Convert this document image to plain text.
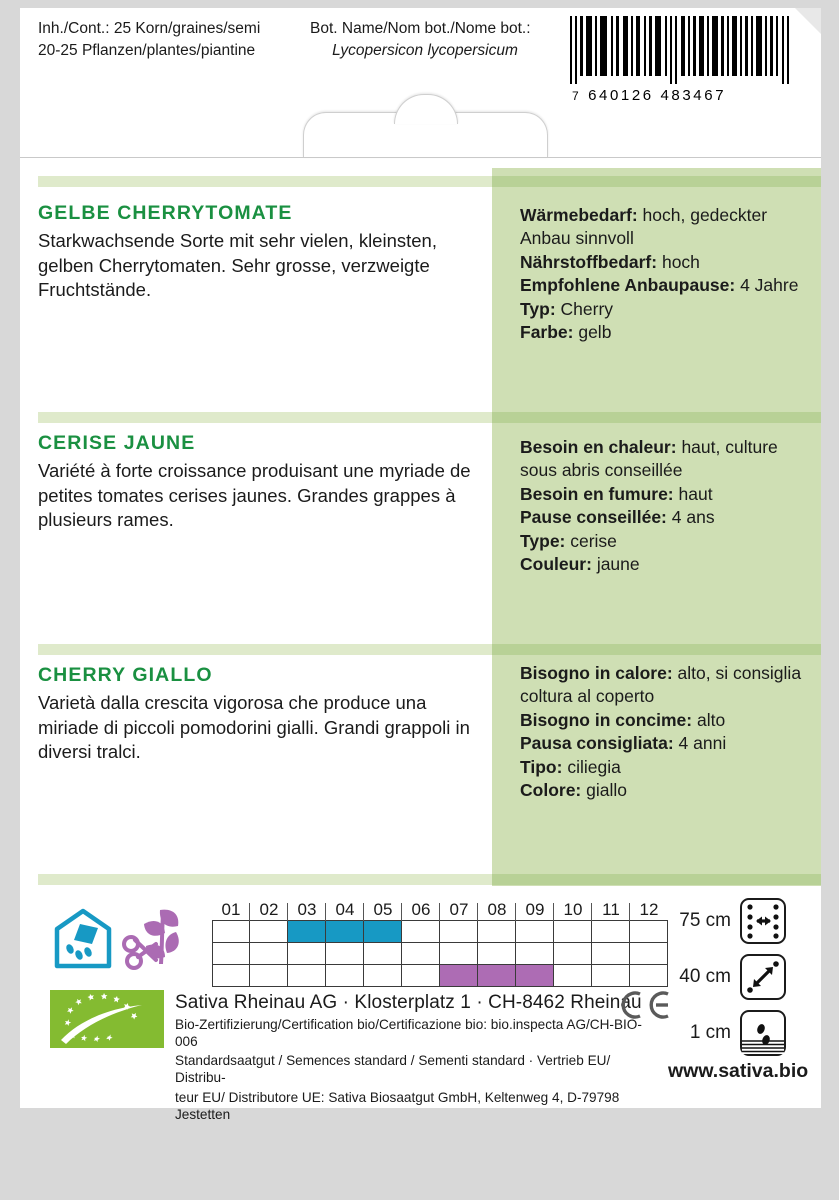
Inh./Cont.: 25 Korn/graines/semi
20-25 Pflanzen/plantes/piantine
Bot. Name/Nom bot./Nome bot.:
Lycopersicon lycopersicum
7 640126 483467
GELBE CHERRYTOMATE
Starkwachsende Sorte mit sehr vielen, kleinsten, gelben Cherrytomaten. Sehr grosse, verzweigte Fruchtstände.
Wärmebedarf: hoch, gedeckter Anbau sinnvoll
Nährstoffbedarf: hoch
Empfohlene Anbaupause: 4 Jahre
Typ: Cherry
Farbe: gelb
CERISE JAUNE
Variété à forte croissance produisant une myriade de petites tomates cerises jaunes. Grandes grappes à plusieurs rames.
Besoin en chaleur: haut, culture sous abris conseillée
Besoin en fumure: haut
Pause conseillée: 4 ans
Type: cerise
Couleur: jaune
CHERRY GIALLO
Varietà dalla crescita vigorosa che produce una miriade di piccoli pomodorini gialli. Grandi grappoli in diversi tralci.
Bisogno in calore: alto, si consiglia coltura al coperto
Bisogno in concime: alto
Pausa consigliata: 4 anni
Tipo: ciliegia
Colore: giallo
01	02	03	04	05	06	07	08	09	10	11	12
Sativa Rheinau AG · Klosterplatz 1 · CH-8462 Rheinau
Bio-Zertifizierung/Certification bio/Certificazione bio: bio.inspecta AG/CH-BIO-006
Standardsaatgut / Semences standard / Sementi standard · Vertrieb EU/ Distribu-
teur EU/ Distributore UE: Sativa Biosaatgut GmbH, Keltenweg 4, D-79798 Jestetten
75 cm
40 cm
1 cm
www.sativa.bio
